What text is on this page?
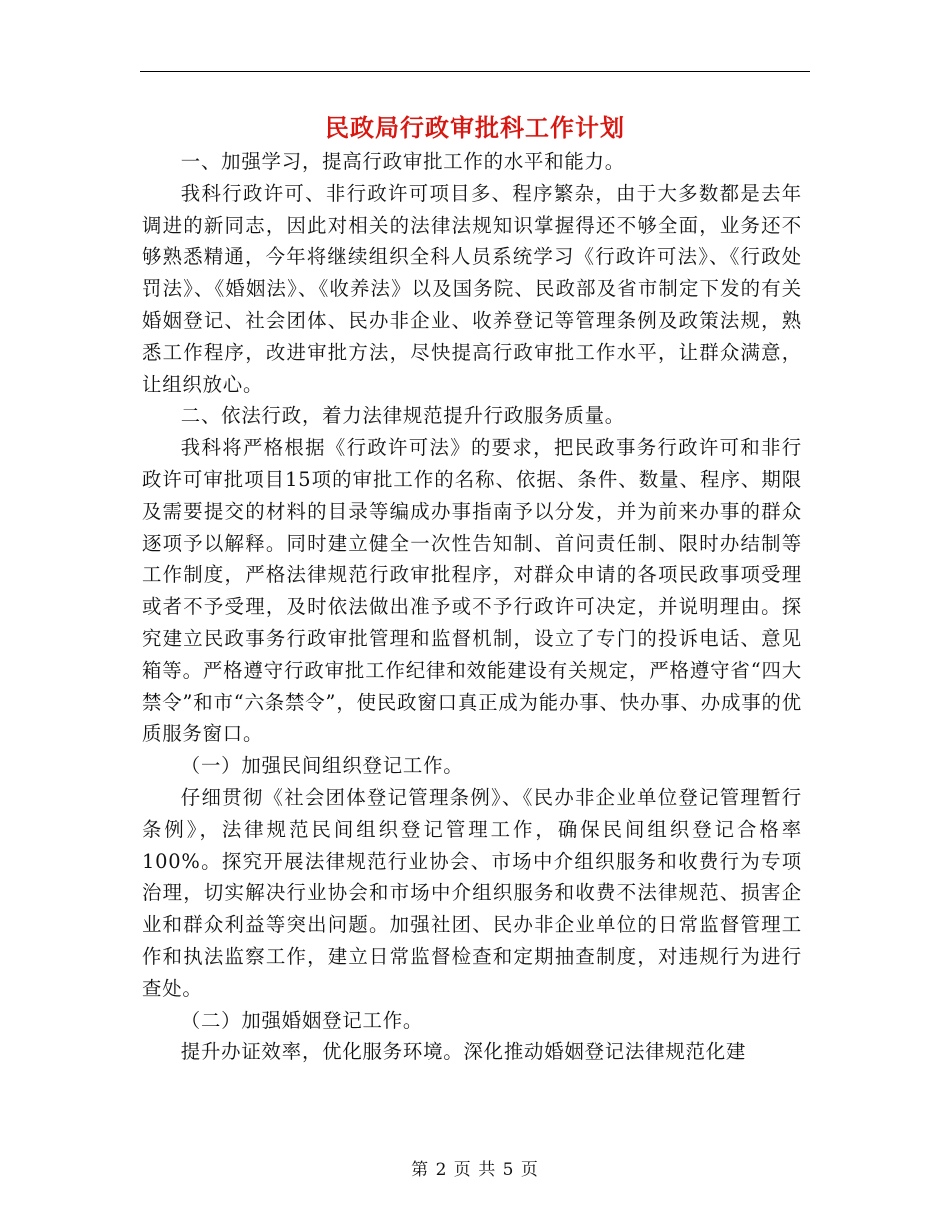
民政局行政审批科工作计划

一、加强学习，提高行政审批工作的水平和能力。

我科行政许可、非行政许可项目多、程序繁杂，由于大多数都是去年调进的新同志，因此对相关的法律法规知识掌握得还不够全面，业务还不够熟悉精通，今年将继续组织全科人员系统学习《行政许可法》、《行政处罚法》、《婚姻法》、《收养法》以及国务院、民政部及省市制定下发的有关婚姻登记、社会团体、民办非企业、收养登记等管理条例及政策法规，熟悉工作程序，改进审批方法，尽快提高行政审批工作水平，让群众满意，让组织放心。

二、依法行政，着力法律规范提升行政服务质量。

我科将严格根据《行政许可法》的要求，把民政事务行政许可和非行政许可审批项目15项的审批工作的名称、依据、条件、数量、程序、期限及需要提交的材料的目录等编成办事指南予以分发，并为前来办事的群众逐项予以解释。同时建立健全一次性告知制、首问责任制、限时办结制等工作制度，严格法律规范行政审批程序，对群众申请的各项民政事项受理或者不予受理，及时依法做出准予或不予行政许可决定，并说明理由。探究建立民政事务行政审批管理和监督机制，设立了专门的投诉电话、意见箱等。严格遵守行政审批工作纪律和效能建设有关规定，严格遵守省“四大禁令”和市“六条禁令”，使民政窗口真正成为能办事、快办事、办成事的优质服务窗口。

（一）加强民间组织登记工作。

仔细贯彻《社会团体登记管理条例》、《民办非企业单位登记管理暂行条例》，法律规范民间组织登记管理工作，确保民间组织登记合格率100%。探究开展法律规范行业协会、市场中介组织服务和收费行为专项治理，切实解决行业协会和市场中介组织服务和收费不法律规范、损害企业和群众利益等突出问题。加强社团、民办非企业单位的日常监督管理工作和执法监察工作，建立日常监督检查和定期抽查制度，对违规行为进行查处。

（二）加强婚姻登记工作。

提升办证效率，优化服务环境。深化推动婚姻登记法律规范化建

第 2 页 共 5 页
